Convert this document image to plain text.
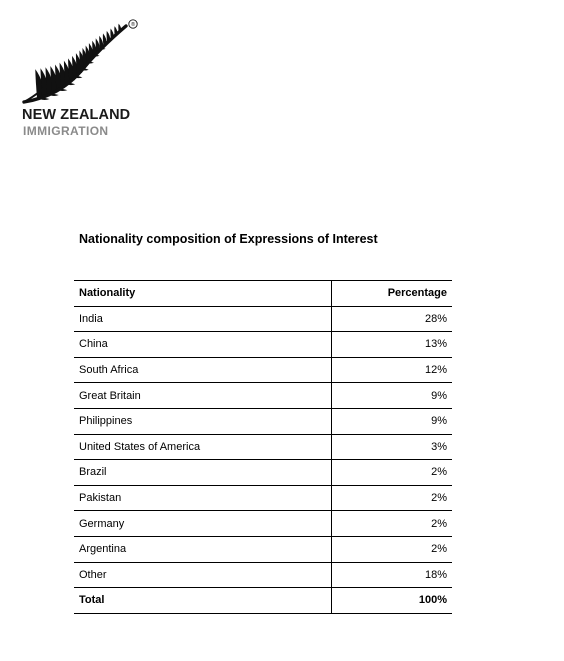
®
NEW ZEALAND
IMMIGRATION
Nationality composition of Expressions of Interest
Nationality	Percentage
India	28%
China	13%
South Africa	12%
Great Britain	9%
Philippines	9%
United States of America	3%
Brazil	2%
Pakistan	2%
Germany	2%
Argentina	2%
Other	18%
Total	100%
